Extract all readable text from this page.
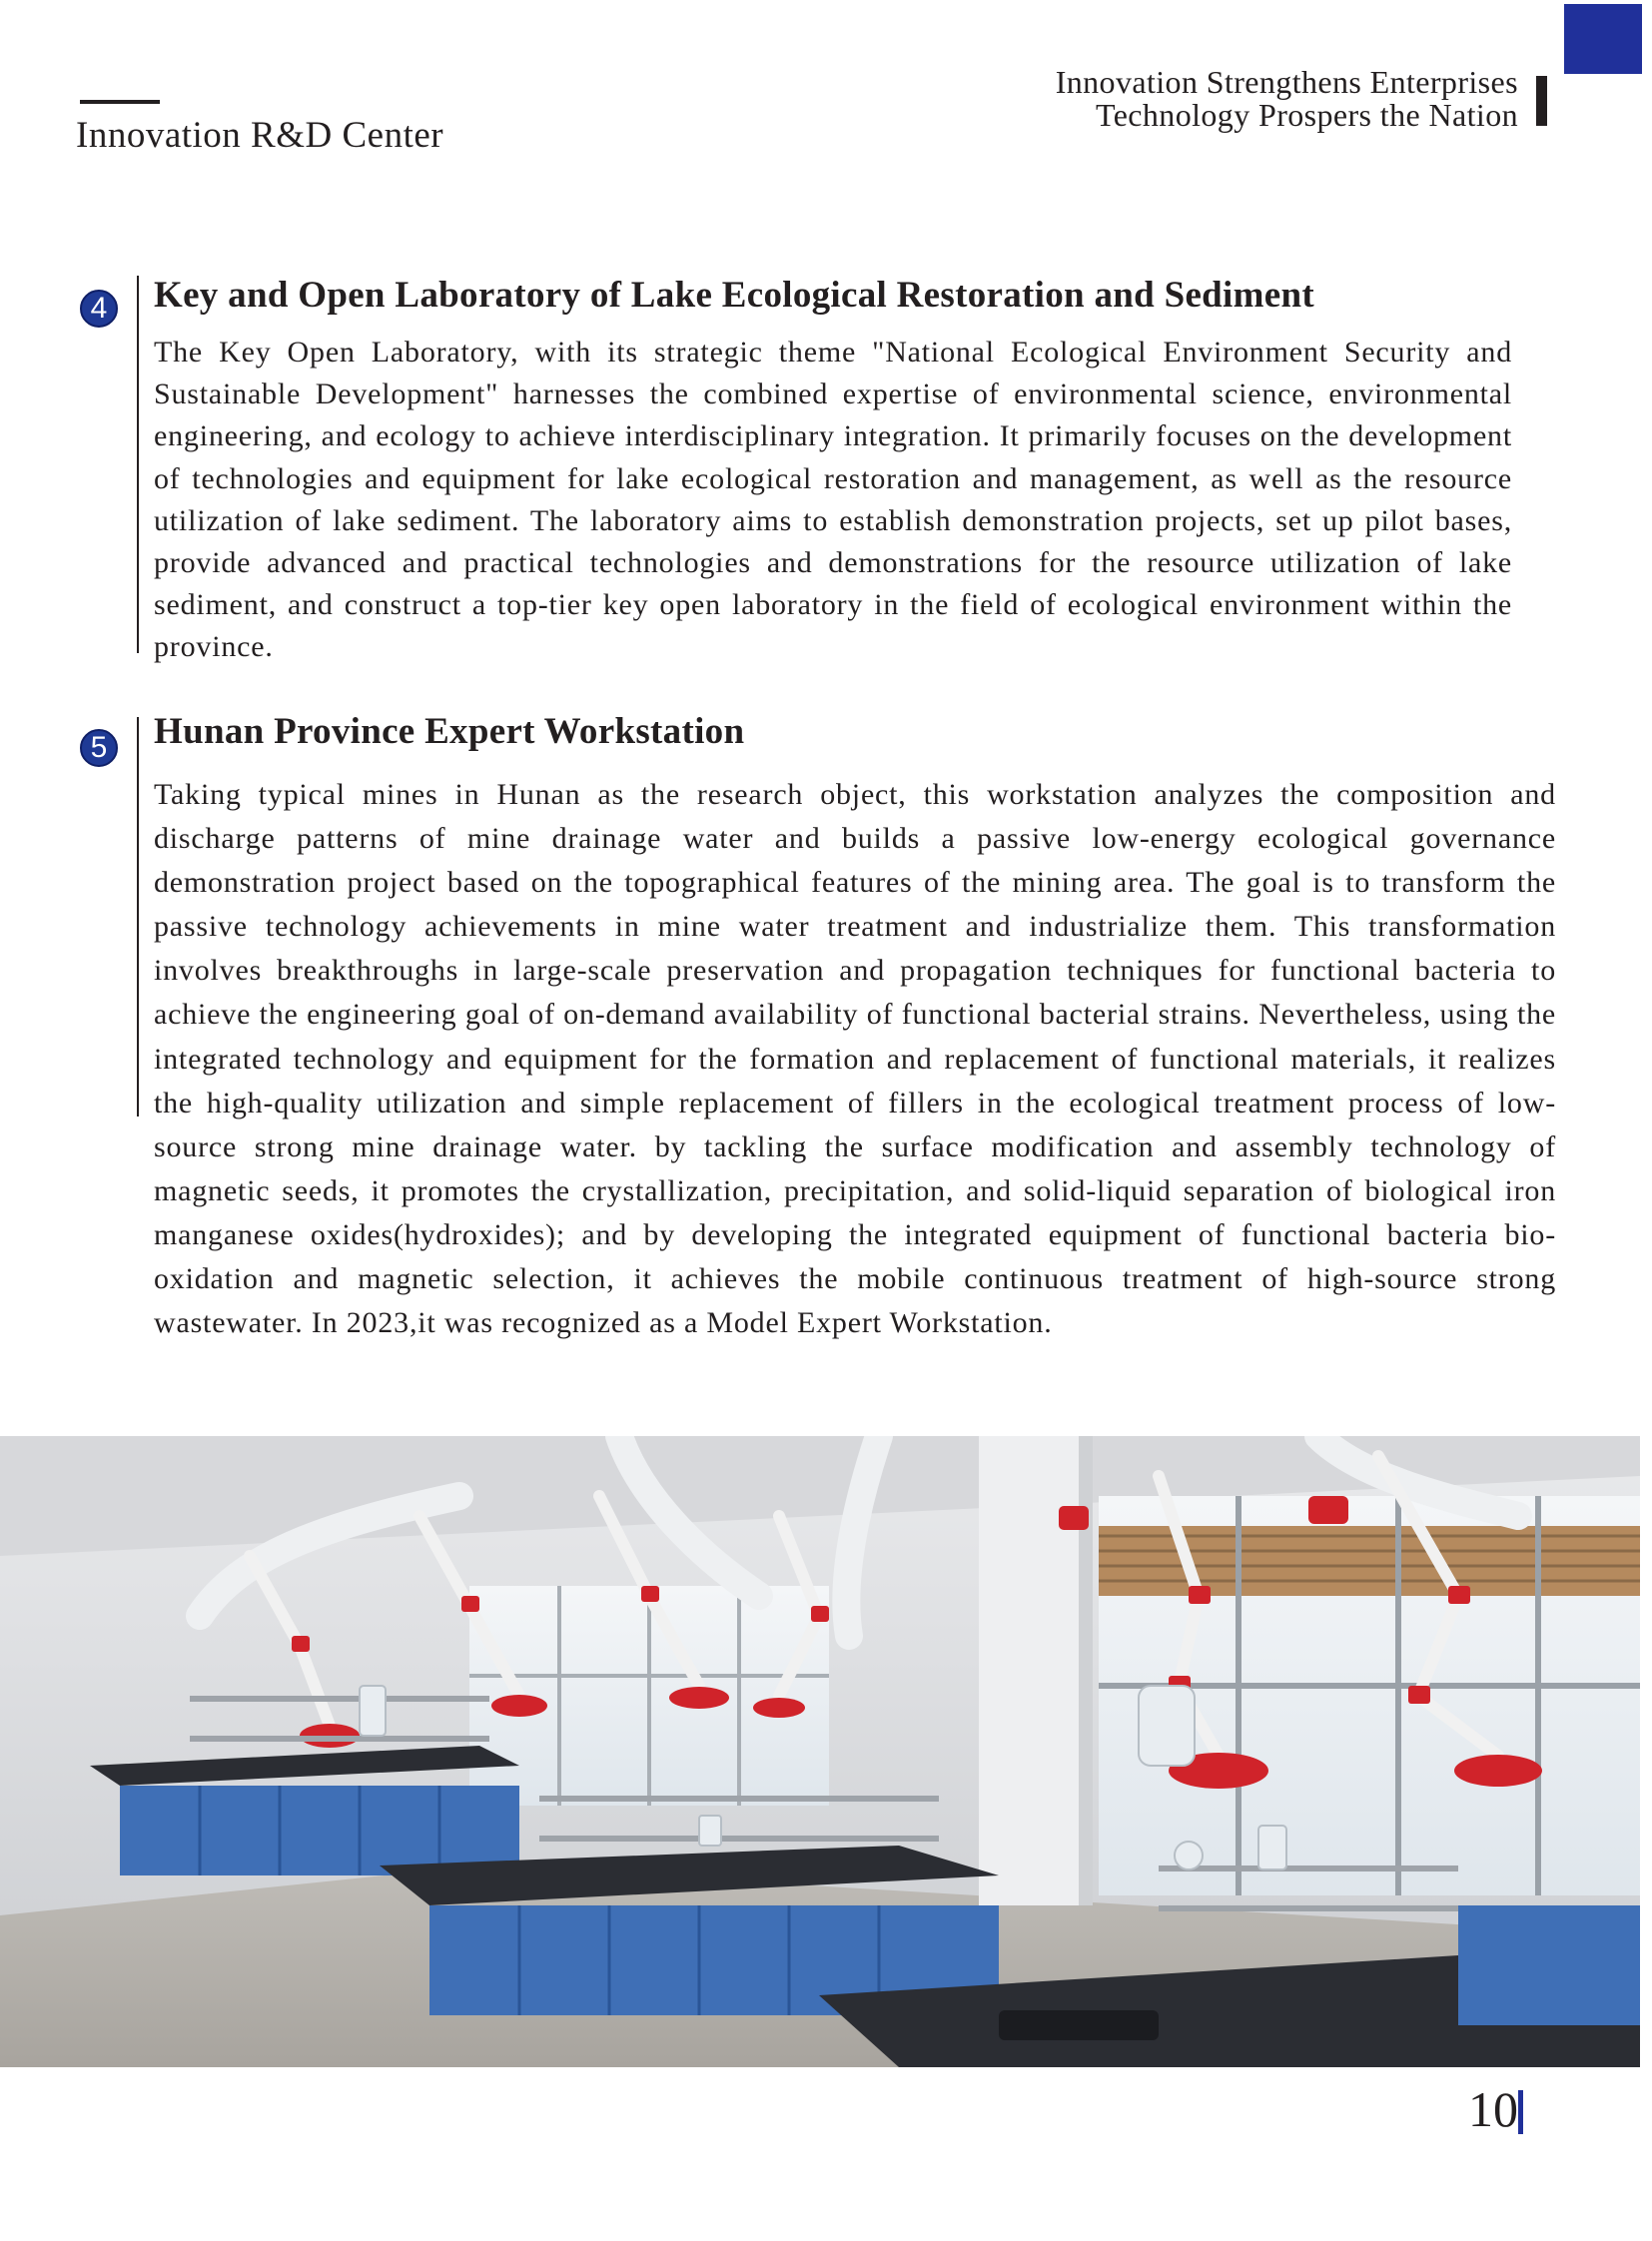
Innovation R&D Center
Innovation Strengthens Enterprises
Technology Prospers the Nation
4 Key and Open Laboratory of Lake Ecological Restoration and Sediment

The Key Open Laboratory, with its strategic theme "National Ecological Environment Security and Sustainable Development" harnesses the combined expertise of environmental science, environmental engineering, and ecology to achieve interdisciplinary integration. It primarily focuses on the development of technologies and equipment for lake ecological restoration and management, as well as the resource utilization of lake sediment. The laboratory aims to establish demonstration projects, set up pilot bases, provide advanced and practical technologies and demonstrations for the resource utilization of lake sediment, and construct a top-tier key open laboratory in the field of ecological environment within the province.

5 Hunan Province Expert Workstation

Taking typical mines in Hunan as the research object, this workstation analyzes the composition and discharge patterns of mine drainage water and builds a passive low-energy ecological governance demonstration project based on the topographical features of the mining area. The goal is to transform the passive technology achievements in mine water treatment and industrialize them. This transformation involves breakthroughs in large-scale preservation and propagation techniques for functional bacteria to achieve the engineering goal of on-demand availability of functional bacterial strains. Nevertheless, using the integrated technology and equipment for the formation and replacement of functional materials, it realizes the high-quality utilization and simple replacement of fillers in the ecological treatment process of low-source strong mine drainage water. by tackling the surface modification and assembly technology of magnetic seeds, it promotes the crystallization, precipitation, and solid-liquid separation of biological iron manganese oxides(hydroxides); and by developing the integrated equipment of functional bacteria bio-oxidation and magnetic selection, it achieves the mobile continuous treatment of high-source strong wastewater. In 2023,it was recognized as a Model Expert Workstation.

10
